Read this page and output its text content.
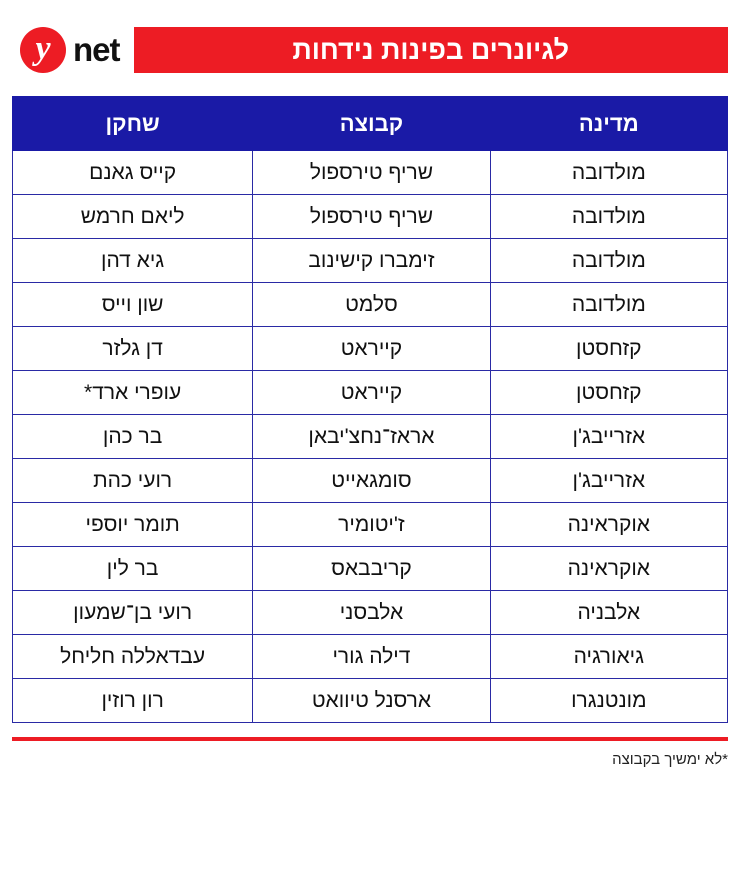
y net	לגיונרים בפינות נידחות
מדינה	קבוצה	שחקן
מולדובה	שריף טירספול	קייס גאנם
מולדובה	שריף טירספול	ליאם חרמש
מולדובה	זימברו קישינוב	גיא דהן
מולדובה	סלמט	שון וייס
קזחסטן	קייראט	דן גלזר
קזחסטן	קייראט	עופרי ארד*
אזרייבג'ן	אראז־נחצ'יבאן	בר כהן
אזרייבג'ן	סומגאייט	רועי כהת
אוקראינה	ז'יטומיר	תומר יוספי
אוקראינה	קריבבאס	בר לין
אלבניה	אלבסני	רועי בן־שמעון
גיאורגיה	דילה גורי	עבדאללה חליחל
מונטנגרו	ארסנל טיוואט	רון רוזין
*לא ימשיך בקבוצה
